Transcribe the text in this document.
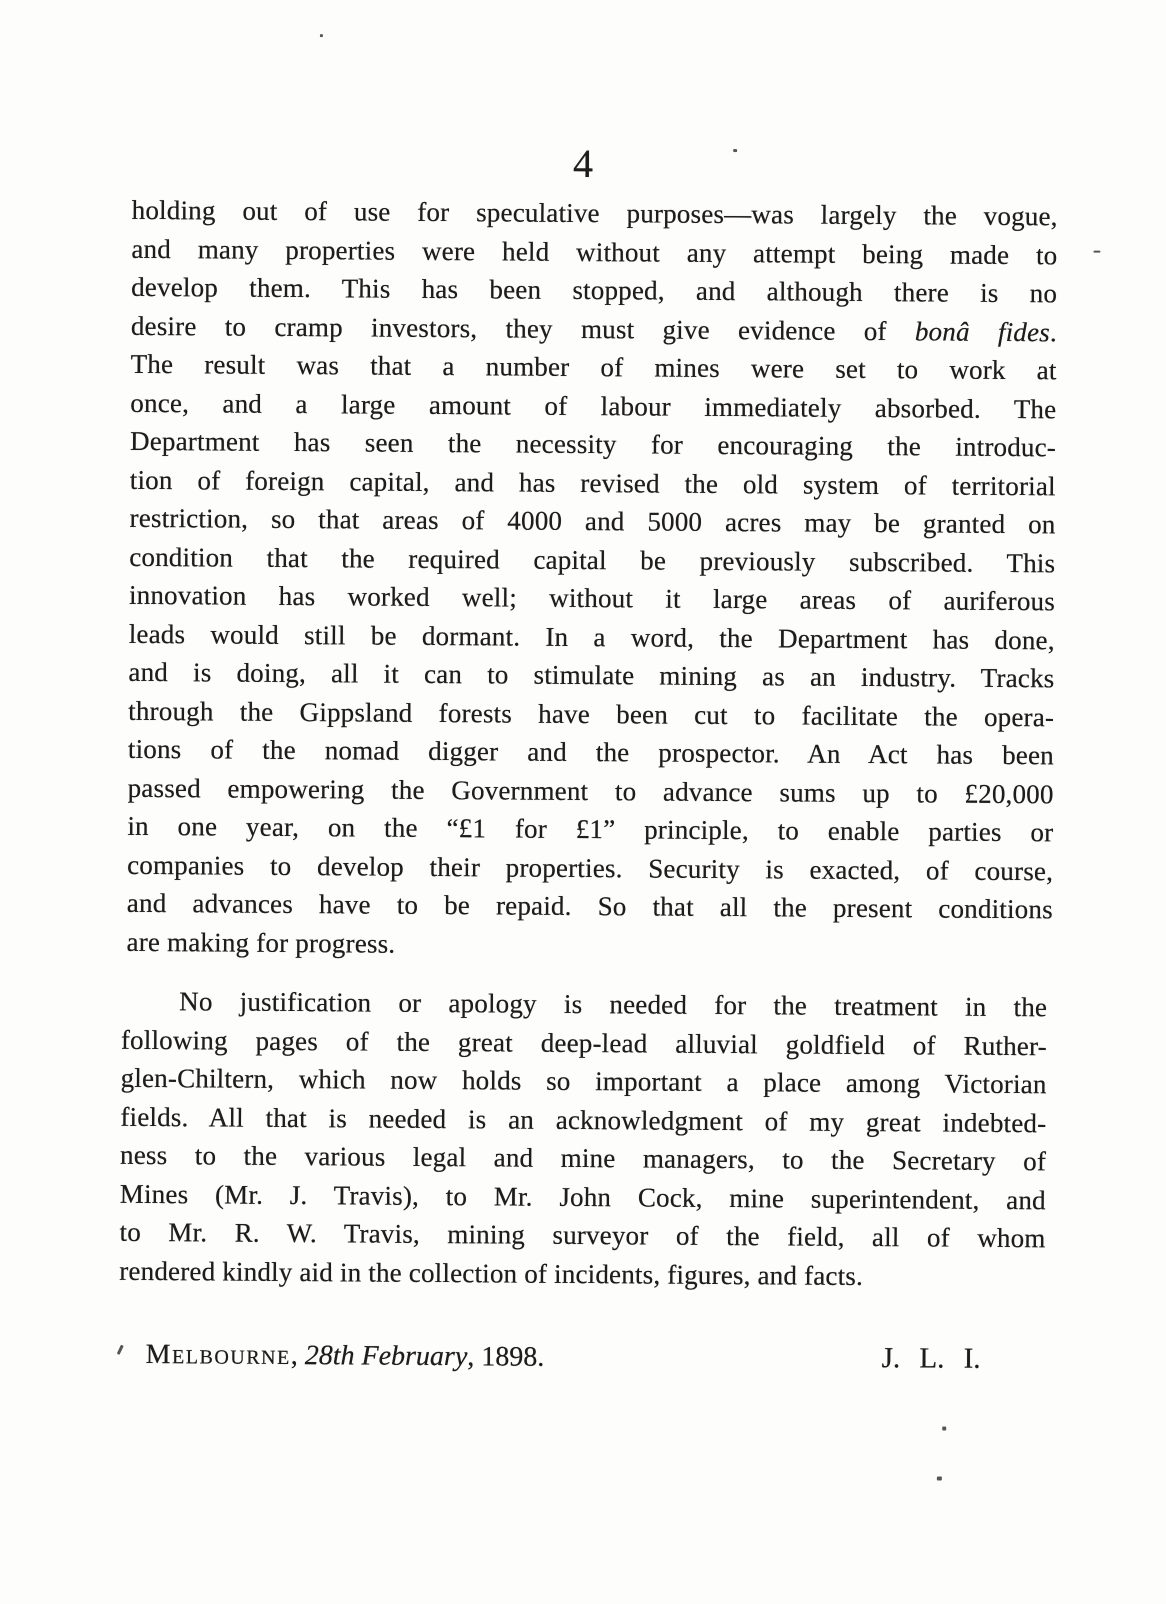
4
holding out of use for speculative purposes—was largely the vogue,
and many properties were held without any attempt being made to
develop them. This has been stopped, and although there is no
desire to cramp investors, they must give evidence of bonâ fides.
The result was that a number of mines were set to work at
once, and a large amount of labour immediately absorbed. The
Department has seen the necessity for encouraging the introduc-
tion of foreign capital, and has revised the old system of territorial
restriction, so that areas of 4000 and 5000 acres may be granted on
condition that the required capital be previously subscribed. This
innovation has worked well; without it large areas of auriferous
leads would still be dormant. In a word, the Department has done,
and is doing, all it can to stimulate mining as an industry. Tracks
through the Gippsland forests have been cut to facilitate the opera-
tions of the nomad digger and the prospector. An Act has been
passed empowering the Government to advance sums up to £20,000
in one year, on the “£1 for £1” principle, to enable parties or
companies to develop their properties. Security is exacted, of course,
and advances have to be repaid. So that all the present conditions
are making for progress.
No justification or apology is needed for the treatment in the
following pages of the great deep-lead alluvial goldfield of Ruther-
glen-Chiltern, which now holds so important a place among Victorian
fields. All that is needed is an acknowledgment of my great indebted-
ness to the various legal and mine managers, to the Secretary of
Mines (Mr. J. Travis), to Mr. John Cock, mine superintendent, and
to Mr. R. W. Travis, mining surveyor of the field, all of whom
rendered kindly aid in the collection of incidents, figures, and facts.
Melbourne, 28th February, 1898.	J. L. I.
